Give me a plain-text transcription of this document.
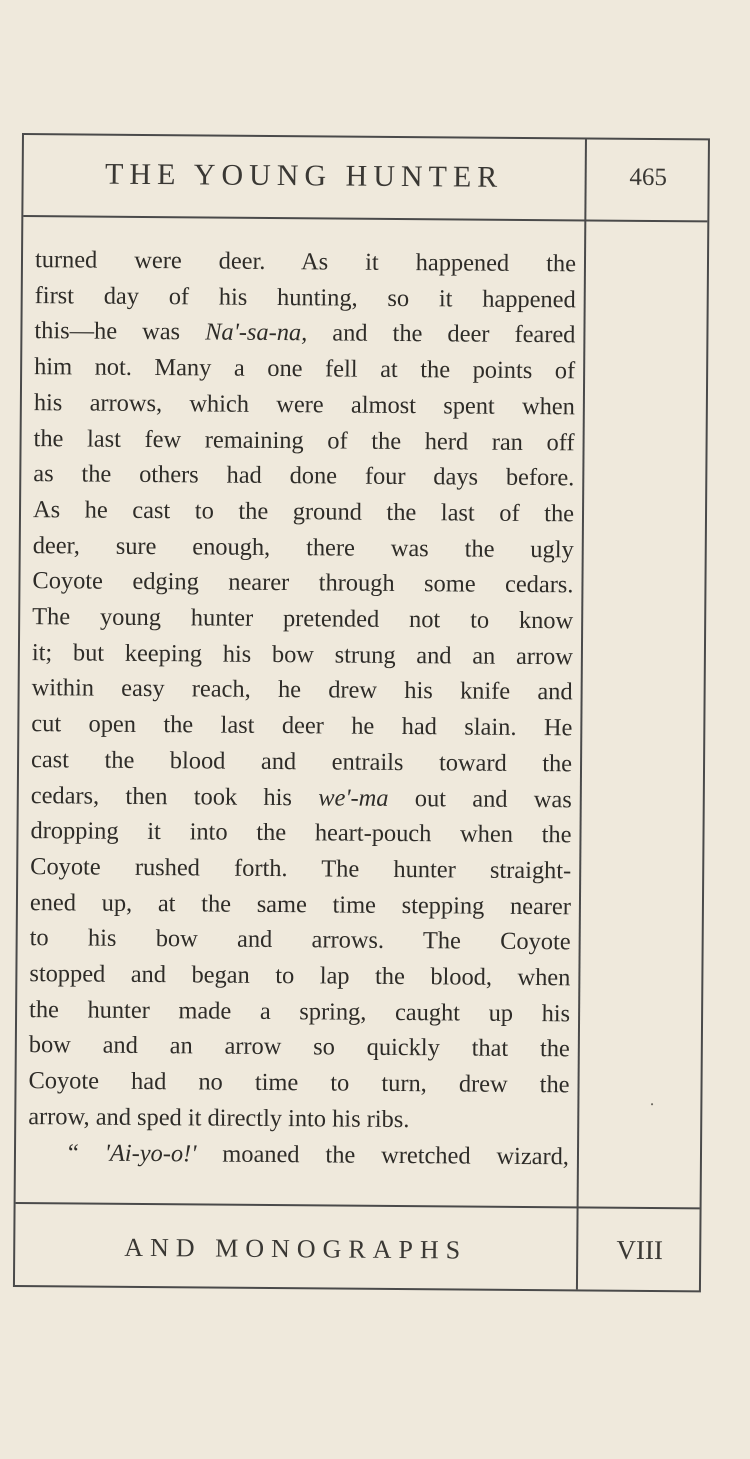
THE YOUNG HUNTER	465
turned were deer. As it happened the
first day of his hunting, so it happened
this—he was Na'-sa-na, and the deer feared
him not. Many a one fell at the points of
his arrows, which were almost spent when
the last few remaining of the herd ran off
as the others had done four days before.
As he cast to the ground the last of the
deer, sure enough, there was the ugly
Coyote edging nearer through some cedars.
The young hunter pretended not to know
it; but keeping his bow strung and an arrow
within easy reach, he drew his knife and
cut open the last deer he had slain. He
cast the blood and entrails toward the
cedars, then took his we'-ma out and was
dropping it into the heart-pouch when the
Coyote rushed forth. The hunter straight-
ened up, at the same time stepping nearer
to his bow and arrows. The Coyote
stopped and began to lap the blood, when
the hunter made a spring, caught up his
bow and an arrow so quickly that the
Coyote had no time to turn, drew the
arrow, and sped it directly into his ribs.
“ 'Ai-yo-o!' moaned the wretched wizard,
AND MONOGRAPHS	VIII
․
